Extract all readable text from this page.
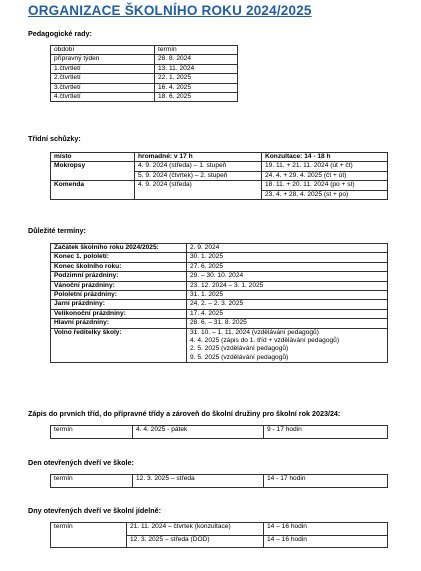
ORGANIZACE ŠKOLNÍHO ROKU 2024/2025
Pedagogické rady:
období	termín
přípravný týden	28. 8. 2024
1.čtvrtletí	13. 11. 2024
2.čtvrtletí	22. 1. 2025
3.čtvrtletí	16. 4. 2025
4.čtvrtletí	18. 6. 2025
Třídní schůzky:
místo	hromadné: v 17 h	Konzultace: 14 - 18 h
Mokropsy	4. 9. 2024 (středa) – 1. stupeň	19. 11. + 21. 11. 2024 (út + čt)
	5. 9. 2024 (čtvrtek) – 2. stupeň	24. 4. + 29. 4. 2025 (čt + út)
Komenda	4. 9. 2024 (středa)	18. 11. + 20. 11. 2024 (po + st)
		23. 4. + 28. 4. 2025 (st + po)
Důležité termíny:
Začátek školního roku 2024/2025:	2. 9. 2024
Konec 1. pololetí:	30. 1. 2025
Konec školního roku:	27. 6. 2025
Podzimní prázdniny:	29. – 30. 10. 2024
Vánoční prázdniny:	23. 12. 2024 – 3. 1. 2025
Pololetní prázdniny:	31. 1. 2025
Jarní prázdniny:	24. 2. – 2. 3. 2025
Velikonoční prázdniny:	17. 4. 2025
Hlavní prázdniny:	28. 6. – 31. 8. 2025
Volno ředitelky školy:	31. 10. – 1. 11. 2024 (vzdělávání pedagogů)
4. 4. 2025 (zápis do 1. tříd + vzdělávání pedagogů)
2. 5. 2025 (vzdělávání pedagogů)
9. 5. 2025 (vzdělávání pedagogů)
Zápis do prvních tříd, do přípravné třídy a zároveň do školní družiny pro školní rok 2023/24:
termín	4. 4. 2025 - pátek	9 - 17 hodin
Den otevřených dveří ve škole:
termín	12. 3. 2025 – středa	14 - 17 hodin
Dny otevřených dveří ve školní jídelně:
termín	21. 11. 2024 – čtvrtek (konzultace)	14 – 16 hodin
	12. 3. 2025 – středa (DOD)	14 – 16 hodin
